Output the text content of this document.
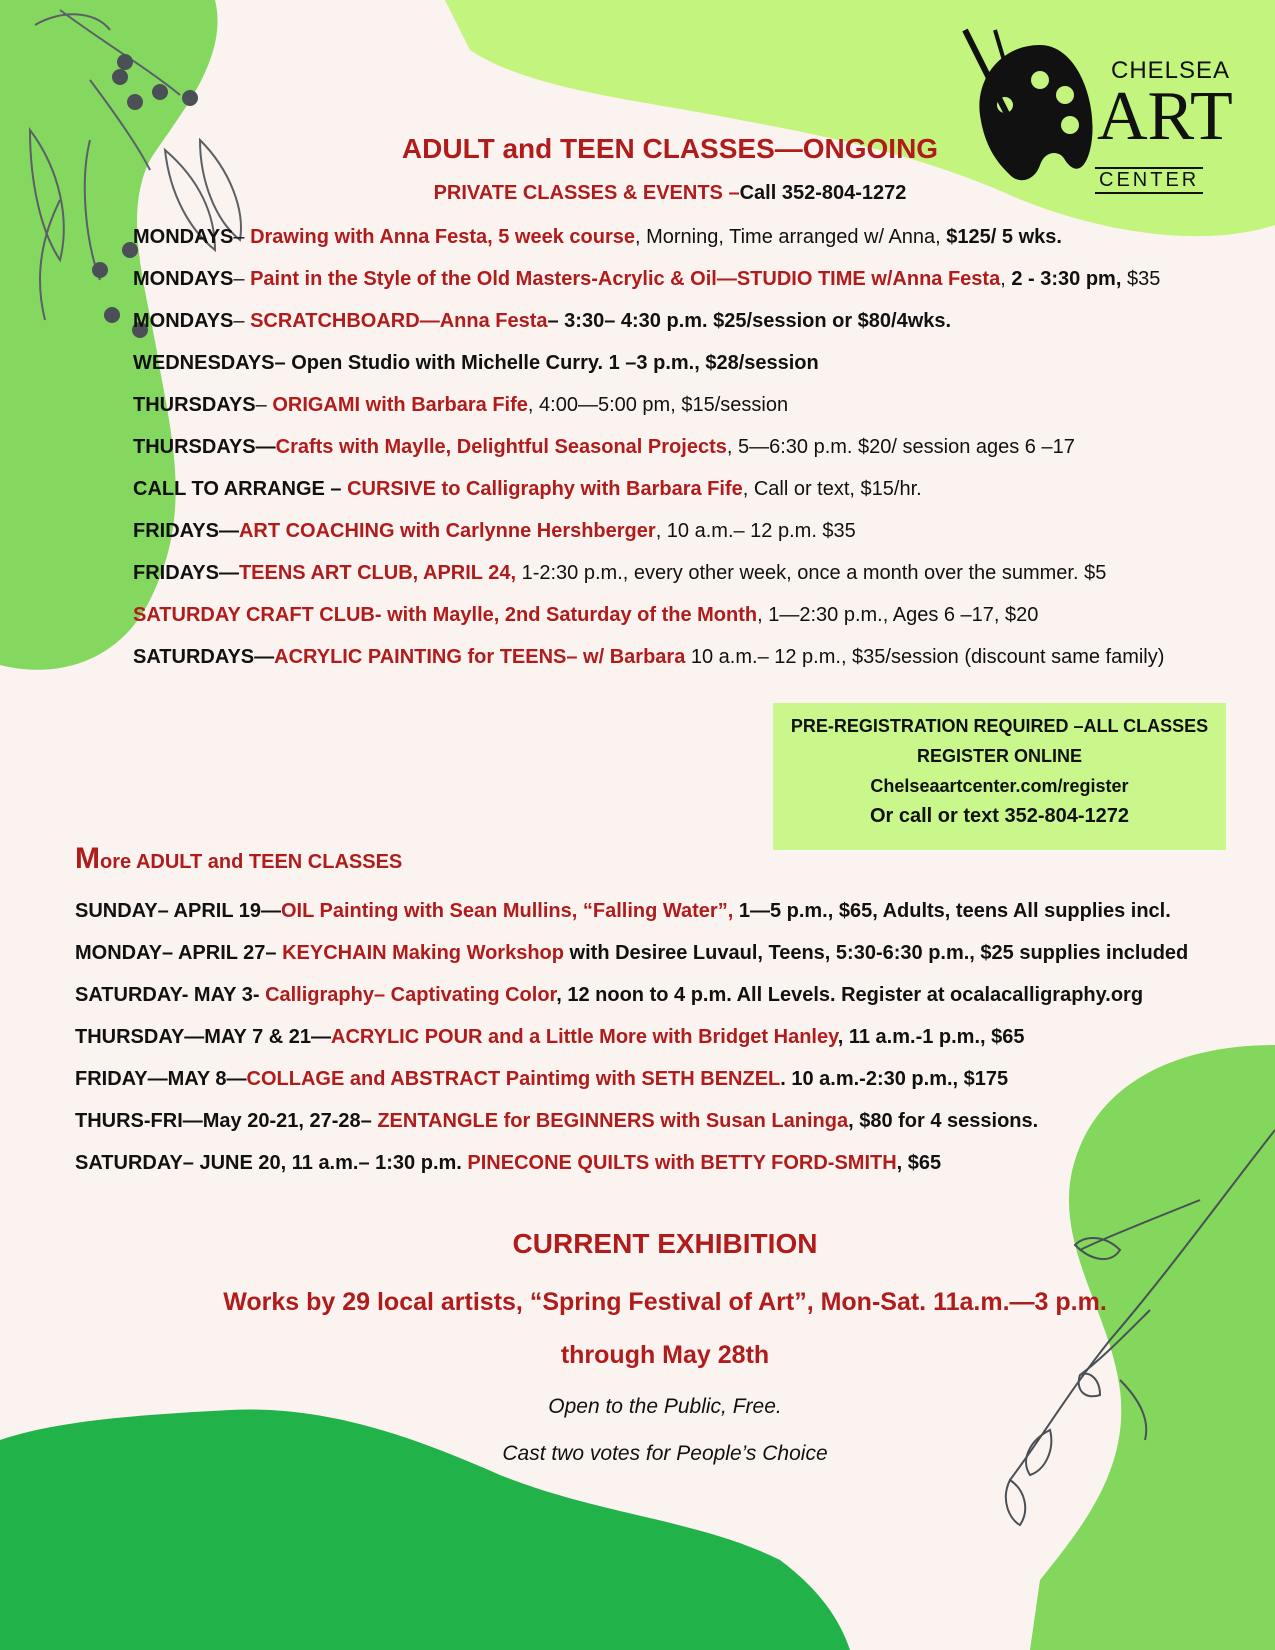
CHELSEA
ART
CENTER
ADULT and TEEN CLASSES—ONGOING
PRIVATE CLASSES & EVENTS –Call 352-804-1272
MONDAYS– Drawing with Anna Festa, 5 week course, Morning, Time arranged w/ Anna, $125/ 5 wks.
MONDAYS– Paint in the Style of the Old Masters-Acrylic & Oil—STUDIO TIME w/Anna Festa, 2 - 3:30 pm, $35
MONDAYS– SCRATCHBOARD—Anna Festa– 3:30– 4:30 p.m. $25/session or $80/4wks.
WEDNESDAYS– Open Studio with Michelle Curry. 1 –3 p.m., $28/session
THURSDAYS– ORIGAMI with Barbara Fife, 4:00—5:00 pm, $15/session
THURSDAYS—Crafts with Maylle, Delightful Seasonal Projects, 5—6:30 p.m. $20/ session ages 6 –17
CALL TO ARRANGE – CURSIVE to Calligraphy with Barbara Fife, Call or text, $15/hr.
FRIDAYS—ART COACHING with Carlynne Hershberger, 10 a.m.– 12 p.m. $35
FRIDAYS—TEENS ART CLUB, APRIL 24, 1-2:30 p.m., every other week, once a month over the summer. $5
SATURDAY CRAFT CLUB- with Maylle, 2nd Saturday of the Month, 1—2:30 p.m., Ages 6 –17, $20
SATURDAYS—ACRYLIC PAINTING for TEENS– w/ Barbara 10 a.m.– 12 p.m., $35/session (discount same family)
PRE-REGISTRATION REQUIRED –ALL CLASSES
REGISTER ONLINE
Chelseaartcenter.com/register
Or call or text 352-804-1272
More ADULT and TEEN CLASSES
SUNDAY– APRIL 19—OIL Painting with Sean Mullins, “Falling Water”, 1—5 p.m., $65, Adults, teens All supplies incl.
MONDAY– APRIL 27– KEYCHAIN Making Workshop with Desiree Luvaul, Teens, 5:30-6:30 p.m., $25 supplies included
SATURDAY- MAY 3- Calligraphy– Captivating Color, 12 noon to 4 p.m. All Levels. Register at ocalacalligraphy.org
THURSDAY—MAY 7 & 21—ACRYLIC POUR and a Little More with Bridget Hanley, 11 a.m.-1 p.m., $65
FRIDAY—MAY 8—COLLAGE and ABSTRACT Paintimg with SETH BENZEL. 10 a.m.-2:30 p.m., $175
THURS-FRI—May 20-21, 27-28– ZENTANGLE for BEGINNERS with Susan Laninga, $80 for 4 sessions.
SATURDAY– JUNE 20, 11 a.m.– 1:30 p.m. PINECONE QUILTS with BETTY FORD-SMITH, $65
CURRENT EXHIBITION
Works by 29 local artists, “Spring Festival of Art”, Mon-Sat. 11a.m.—3 p.m.
through May 28th
Open to the Public, Free.
Cast two votes for People’s Choice
